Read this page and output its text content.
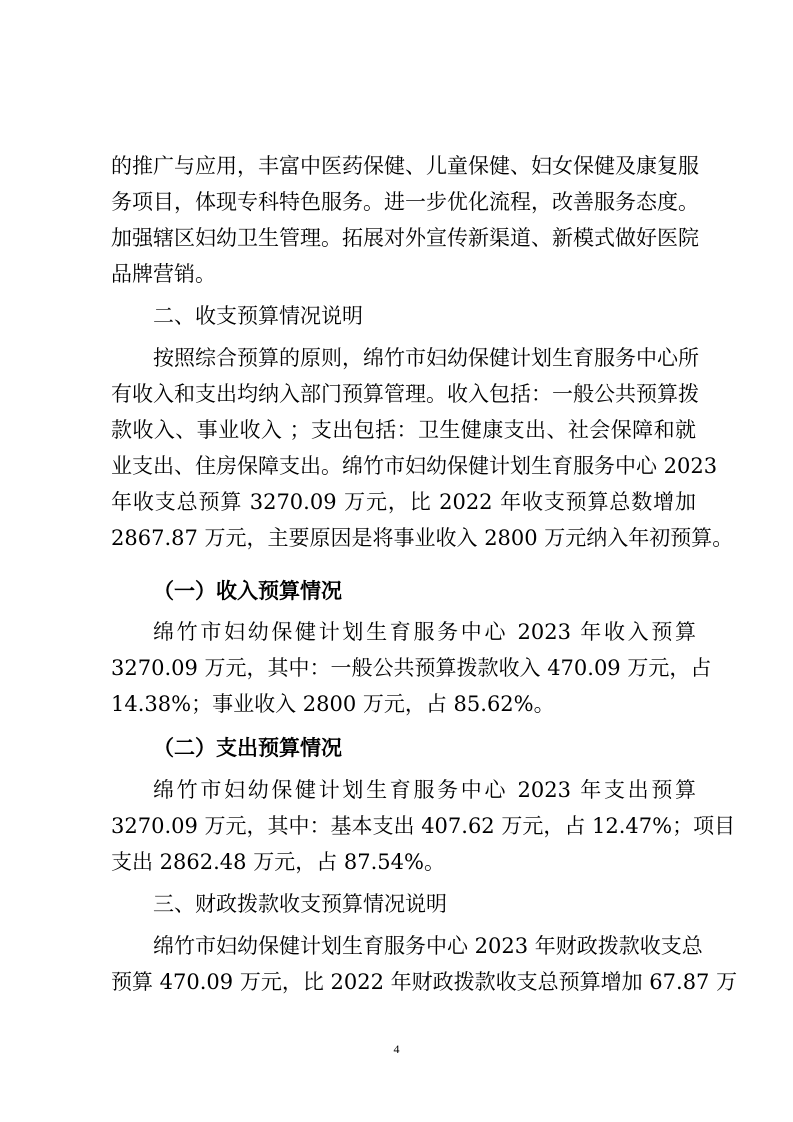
的推广与应用，丰富中医药保健、儿童保健、妇女保健及康复服
务项目，体现专科特色服务。进一步优化流程，改善服务态度。
加强辖区妇幼卫生管理。拓展对外宣传新渠道、新模式做好医院
品牌营销。
二、收支预算情况说明
按照综合预算的原则，绵竹市妇幼保健计划生育服务中心所
有收入和支出均纳入部门预算管理。收入包括：一般公共预算拨
款收入、事业收入 ；支出包括：卫生健康支出、社会保障和就
业支出、住房保障支出。绵竹市妇幼保健计划生育服务中心 2023
年收支总预算 3270.09 万元，比 2022 年收支预算总数增加
2867.87 万元，主要原因是将事业收入 2800 万元纳入年初预算。
（一）收入预算情况
绵竹市妇幼保健计划生育服务中心 2023 年收入预算
3270.09 万元，其中：一般公共预算拨款收入 470.09 万元，占
14.38%；事业收入 2800 万元，占 85.62%。
（二）支出预算情况
绵竹市妇幼保健计划生育服务中心 2023 年支出预算
3270.09 万元，其中：基本支出 407.62 万元，占 12.47%；项目
支出 2862.48 万元，占 87.54%。
三、财政拨款收支预算情况说明
绵竹市妇幼保健计划生育服务中心 2023 年财政拨款收支总
预算 470.09 万元，比 2022 年财政拨款收支总预算增加 67.87 万
4
